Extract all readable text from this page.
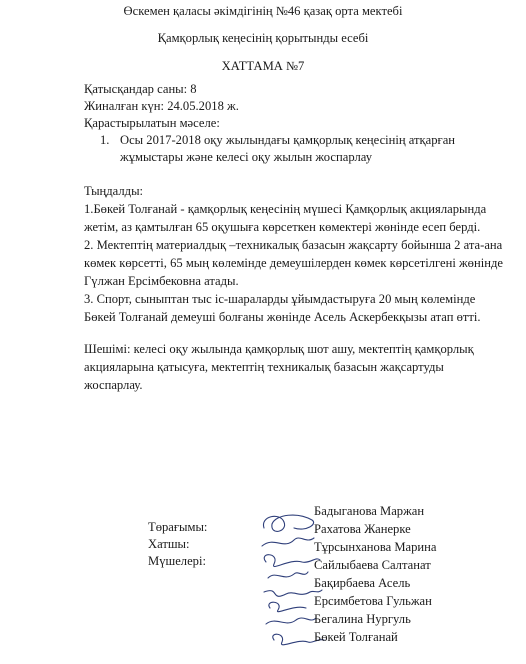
Өскемен қаласы әкімдігінің №46 қазақ орта мектебі
Қамқорлық кеңесінің қорытынды есебі
ХАТТАМА №7
Қатысқандар саны: 8
Жиналған күн: 24.05.2018 ж.
Қарастырылатын мәселе:
1. Осы 2017-2018 оқу жылындағы қамқорлық кеңесінің атқарған
жұмыстары және келесі оқу жылын жоспарлау
Тыңдалды:
1.Бөкей Толғанай - қамқорлық кеңесінің мүшесі Қамқорлық акцияларында
жетім, аз қамтылған 65 оқушыға көрсеткен көмектері жөнінде есеп берді.
2. Мектептің материалдық –техникалық базасын жақсарту бойынша 2 ата-ана
көмек көрсетті, 65 мың көлемінде демеушілерден көмек көрсетілгені жөнінде
Гүлжан Ерсімбековна атады.
3. Спорт, сыныптан тыс іс-шараларды ұйымдастыруға 20 мың көлемінде
Бөкей Толғанай демеуші болғаны жөнінде Асель Аскербекқызы атап өтті.
Шешімі: келесі оқу жылында қамқорлық шот ашу, мектептің қамқорлық
акцияларына қатысуға, мектептің техникалық базасын жақсартуды
жоспарлау.
Төрағымы:
Хатшы:
Мүшелері:
Бадыганова Маржан
Рахатова Жанерке
Тұрсынханова Марина
Сайлыбаева Салтанат
Бақирбаева Асель
Ерсимбетова Гульжан
Бегалина Нургуль
Бөкей Толғанай
